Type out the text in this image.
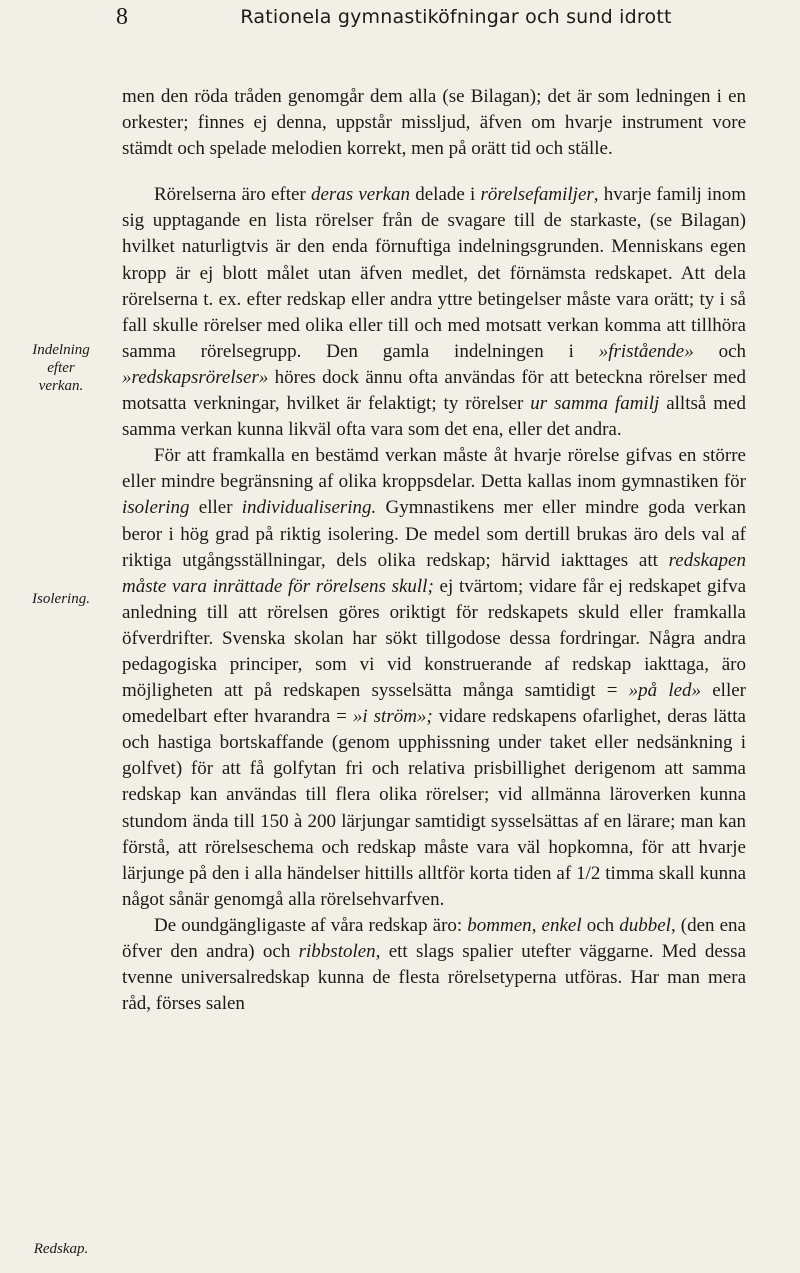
8	Rationela gymnastiköfningar och sund idrott
Indelning
efter
verkan.
Isolering.
Redskap.

men den röda tråden genomgår dem alla (se Bilagan); det är som ledningen i en orkester; finnes ej denna, uppstår missljud, äfven om hvarje instrument vore stämdt och spelade melodien korrekt, men på orätt tid och ställe.

Rörelserna äro efter deras verkan delade i rörelsefamiljer, hvarje familj inom sig upptagande en lista rörelser från de svagare till de starkaste, (se Bilagan) hvilket naturligtvis är den enda förnuftiga indelningsgrunden. Menniskans egen kropp är ej blott målet utan äfven medlet, det förnämsta redskapet. Att dela rörelserna t. ex. efter redskap eller andra yttre betingelser måste vara orätt; ty i så fall skulle rörelser med olika eller till och med motsatt verkan komma att tillhöra samma rörelsegrupp. Den gamla indelningen i »fristående» och »redskapsrörelser» höres dock ännu ofta användas för att beteckna rörelser med motsatta verkningar, hvilket är felaktigt; ty rörelser ur samma familj alltså med samma verkan kunna likväl ofta vara som det ena, eller det andra.

För att framkalla en bestämd verkan måste åt hvarje rörelse gifvas en större eller mindre begränsning af olika kroppsdelar. Detta kallas inom gymnastiken för isolering eller individualisering. Gymnastikens mer eller mindre goda verkan beror i hög grad på riktig isolering. De medel som dertill brukas äro dels val af riktiga utgångsställningar, dels olika redskap; härvid iakttages att redskapen måste vara inrättade för rörelsens skull; ej tvärtom; vidare får ej redskapet gifva anledning till att rörelsen göres oriktigt för redskapets skuld eller framkalla öfverdrifter. Svenska skolan har sökt tillgodose dessa fordringar. Några andra pedagogiska principer, som vi vid konstruerande af redskap iakttaga, äro möjligheten att på redskapen sysselsätta många samtidigt = »på led» eller omedelbart efter hvarandra = »i ström»; vidare redskapens ofarlighet, deras lätta och hastiga bortskaffande (genom upphissning under taket eller nedsänkning i golfvet) för att få golfytan fri och relativa prisbillighet derigenom att samma redskap kan användas till flera olika rörelser; vid allmänna läroverken kunna stundom ända till 150 à 200 lärjungar samtidigt sysselsättas af en lärare; man kan förstå, att rörelseschema och redskap måste vara väl hopkomna, för att hvarje lärjunge på den i alla händelser hittills alltför korta tiden af 1/2 timma skall kunna något sånär genomgå alla rörelsehvarfven.

De oundgängligaste af våra redskap äro: bommen, enkel och dubbel, (den ena öfver den andra) och ribbstolen, ett slags spalier utefter väggarne. Med dessa tvenne universalredskap kunna de flesta rörelsetyperna utföras. Har man mera råd, förses salen
